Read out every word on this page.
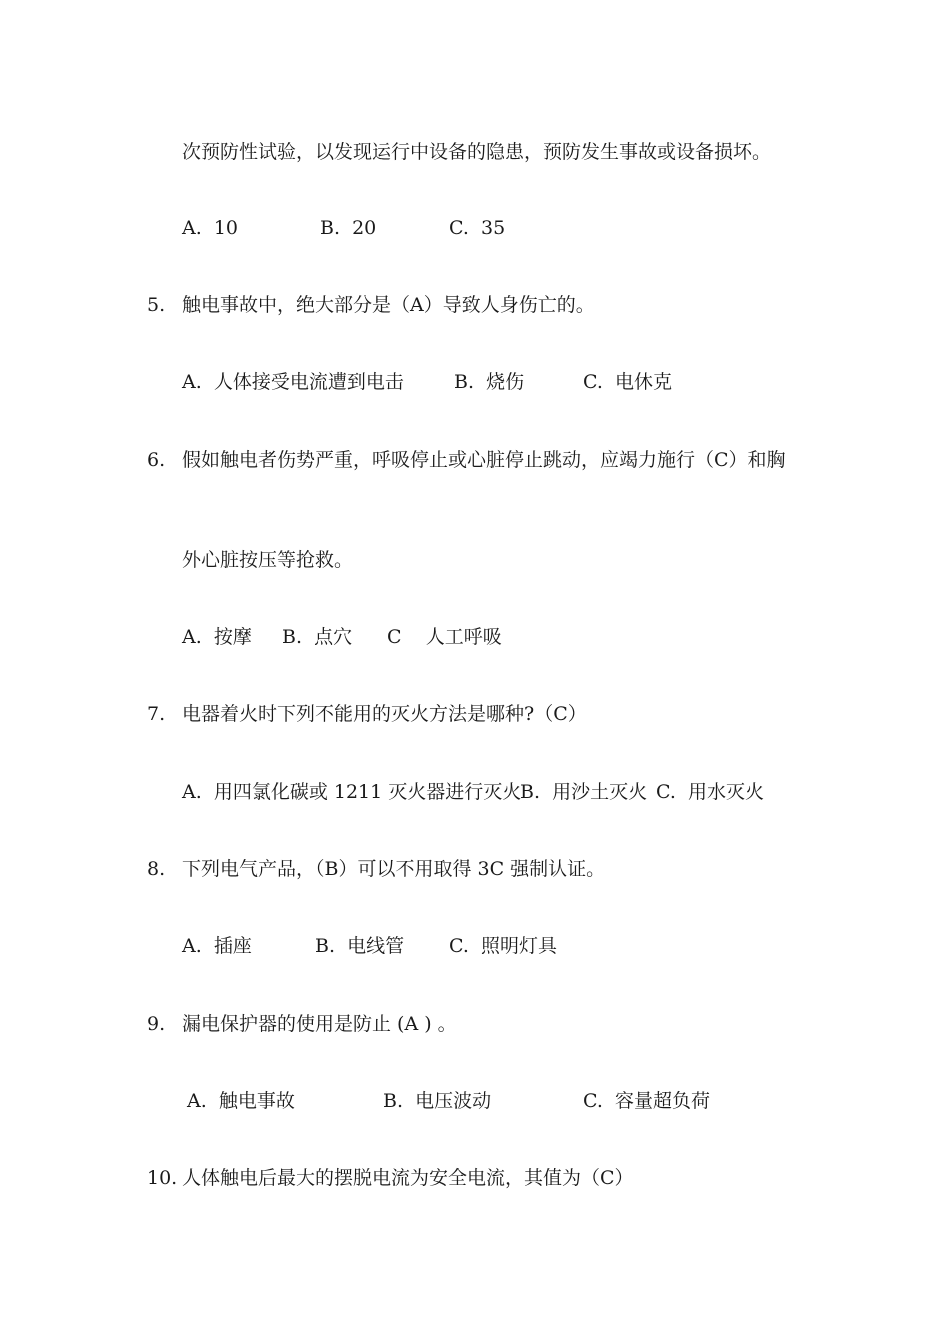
次预防性试验，以发现运行中设备的隐患，预防发生事故或设备损坏。

A.  10	B.  20	C.  35
5. 触电事故中，绝大部分是（A）导致人身伤亡的。
A.  人体接受电流遭到电击	B.  烧伤	C.  电休克
6. 假如触电者伤势严重，呼吸停止或心脏停止跳动，应竭力施行（C）和胸
外心脏按压等抢救。
A.  按摩 B.  点穴 C    人工呼吸
7. 电器着火时下列不能用的灭火方法是哪种?（C）
A.  用四氯化碳或 1211 灭火器进行灭火
B.  用沙土灭火 C.  用水灭火
8. 下列电气产品，（B）可以不用取得 3C 强制认证。
A.  插座	B.  电线管 C.  照明灯具
9. 漏电保护器的使用是防止 (A ) 。
A.  触电事故	B.  电压波动	C.  容量超负荷
10. 人体触电后最大的摆脱电流为安全电流，其值为（C）
